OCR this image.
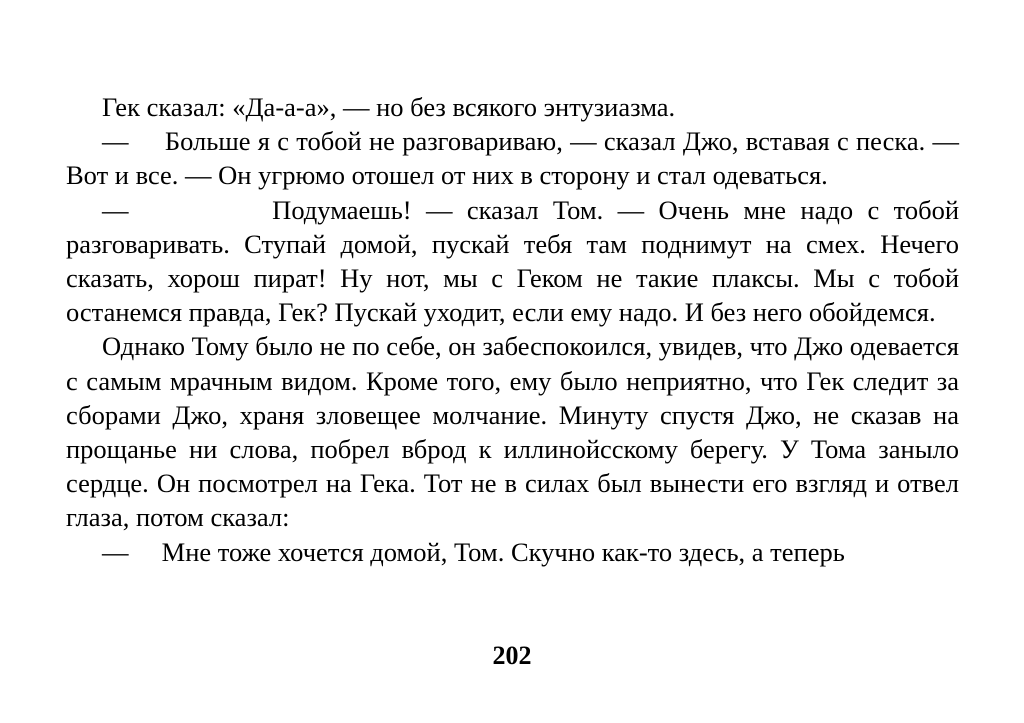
Гек сказал: «Да-а-а», — но без всякого энтузиазма.

—     Больше я с тобой не разговариваю, — сказал Джо, вставая с песка. — Вот и все. — Он угрюмо отошел от них в сторону и стал одеваться.

—          Подумаешь! — сказал Том. — Очень мне надо с тобой разговаривать. Ступай домой, пускай тебя там поднимут на смех. Нечего сказать, хорош пират! Ну нот, мы с Геком не такие плаксы. Мы с тобой останемся правда, Гек? Пускай уходит, если ему надо. И без него обойдемся.

Однако Тому было не по себе, он забеспокоился, увидев, что Джо одевается с самым мрачным видом. Кроме того, ему было неприятно, что Гек следит за сборами Джо, храня зловещее молчание. Минуту спустя Джо, не сказав на прощанье ни слова, побрел вброд к иллинойсскому берегу. У Тома заныло сердце. Он посмотрел на Гека. Тот не в силах был вынести его взгляд и отвел глаза, потом сказал:

—     Мне тоже хочется домой, Том. Скучно как-то здесь, а теперь

202
